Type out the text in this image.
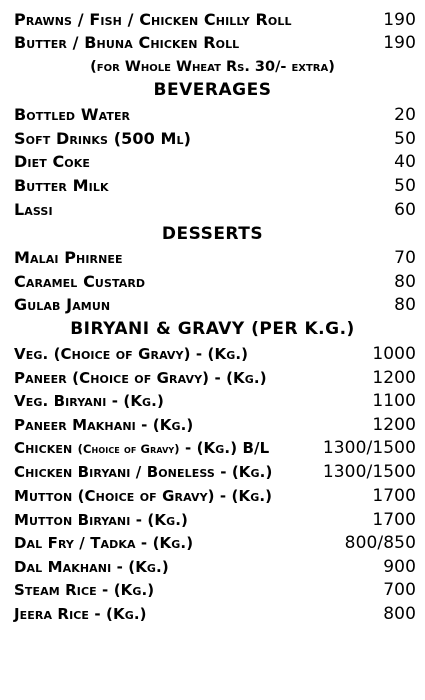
Prawns / Fish / Chicken Chilly Roll	190
Butter / Bhuna Chicken Roll	190
(for Whole Wheat Rs. 30/- extra)
BEVERAGES
Bottled Water	20
Soft Drinks (500 Ml)	50
Diet Coke	40
Butter Milk	50
Lassi	60
DESSERTS
Malai Phirnee	70
Caramel Custard	80
Gulab Jamun	80
BIRYANI & GRAVY (PER K.G.)
Veg. (Choice of Gravy) - (Kg.)	1000
Paneer (Choice of Gravy) - (Kg.)	1200
Veg. Biryani - (Kg.)	1100
Paneer Makhani - (Kg.)	1200
Chicken (Choice of Gravy) - (Kg.) B/L	1300/1500
Chicken Biryani / Boneless - (Kg.)	1300/1500
Mutton (Choice of Gravy) - (Kg.)	1700
Mutton Biryani - (Kg.)	1700
Dal Fry / Tadka - (Kg.)	800/850
Dal Makhani - (Kg.)	900
Steam Rice - (Kg.)	700
Jeera Rice - (Kg.)	800
